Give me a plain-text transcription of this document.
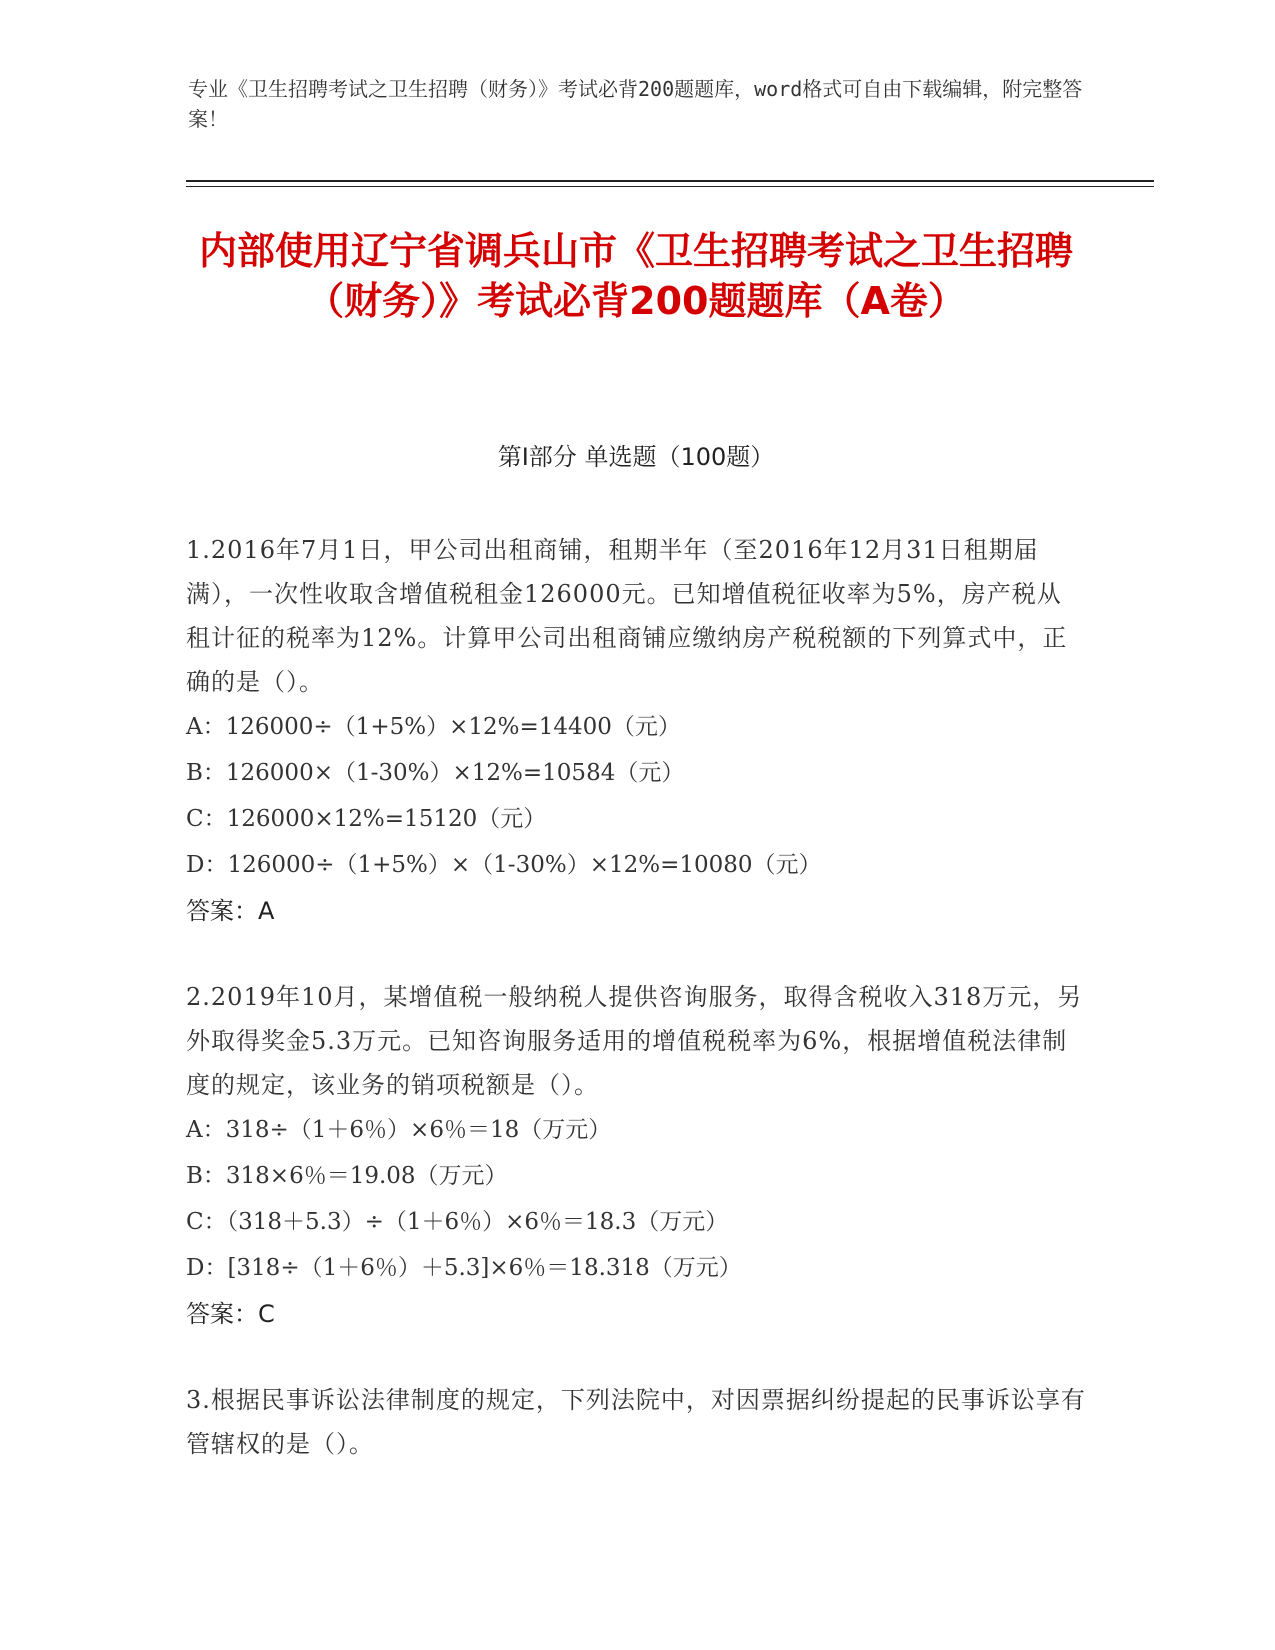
专业《卫生招聘考试之卫生招聘（财务）》考试必背200题题库，word格式可自由下载编辑，附完整答案！
内部使用辽宁省调兵山市《卫生招聘考试之卫生招聘（财务）》考试必背200题题库（A卷）
第Ⅰ部分 单选题（100题）
1.2016年7月1日，甲公司出租商铺，租期半年（至2016年12月31日租期届满），一次性收取含增值税租金126000元。已知增值税征收率为5%，房产税从租计征的税率为12%。计算甲公司出租商铺应缴纳房产税税额的下列算式中，正确的是（）。
A：126000÷（1+5%）×12%=14400（元）
B：126000×（1-30%）×12%=10584（元）
C：126000×12%=15120（元）
D：126000÷（1+5%）×（1-30%）×12%=10080（元）
答案：A
2.2019年10月，某增值税一般纳税人提供咨询服务，取得含税收入318万元，另外取得奖金5.3万元。已知咨询服务适用的增值税税率为6%，根据增值税法律制度的规定，该业务的销项税额是（）。
A：318÷（1＋6％）×6％＝18（万元）
B：318×6％＝19.08（万元）
C：（318＋5.3）÷（1＋6％）×6％＝18.3（万元）
D：[318÷（1＋6％）＋5.3]×6％＝18.318（万元）
答案：C
3.根据民事诉讼法律制度的规定，下列法院中，对因票据纠纷提起的民事诉讼享有管辖权的是（）。
